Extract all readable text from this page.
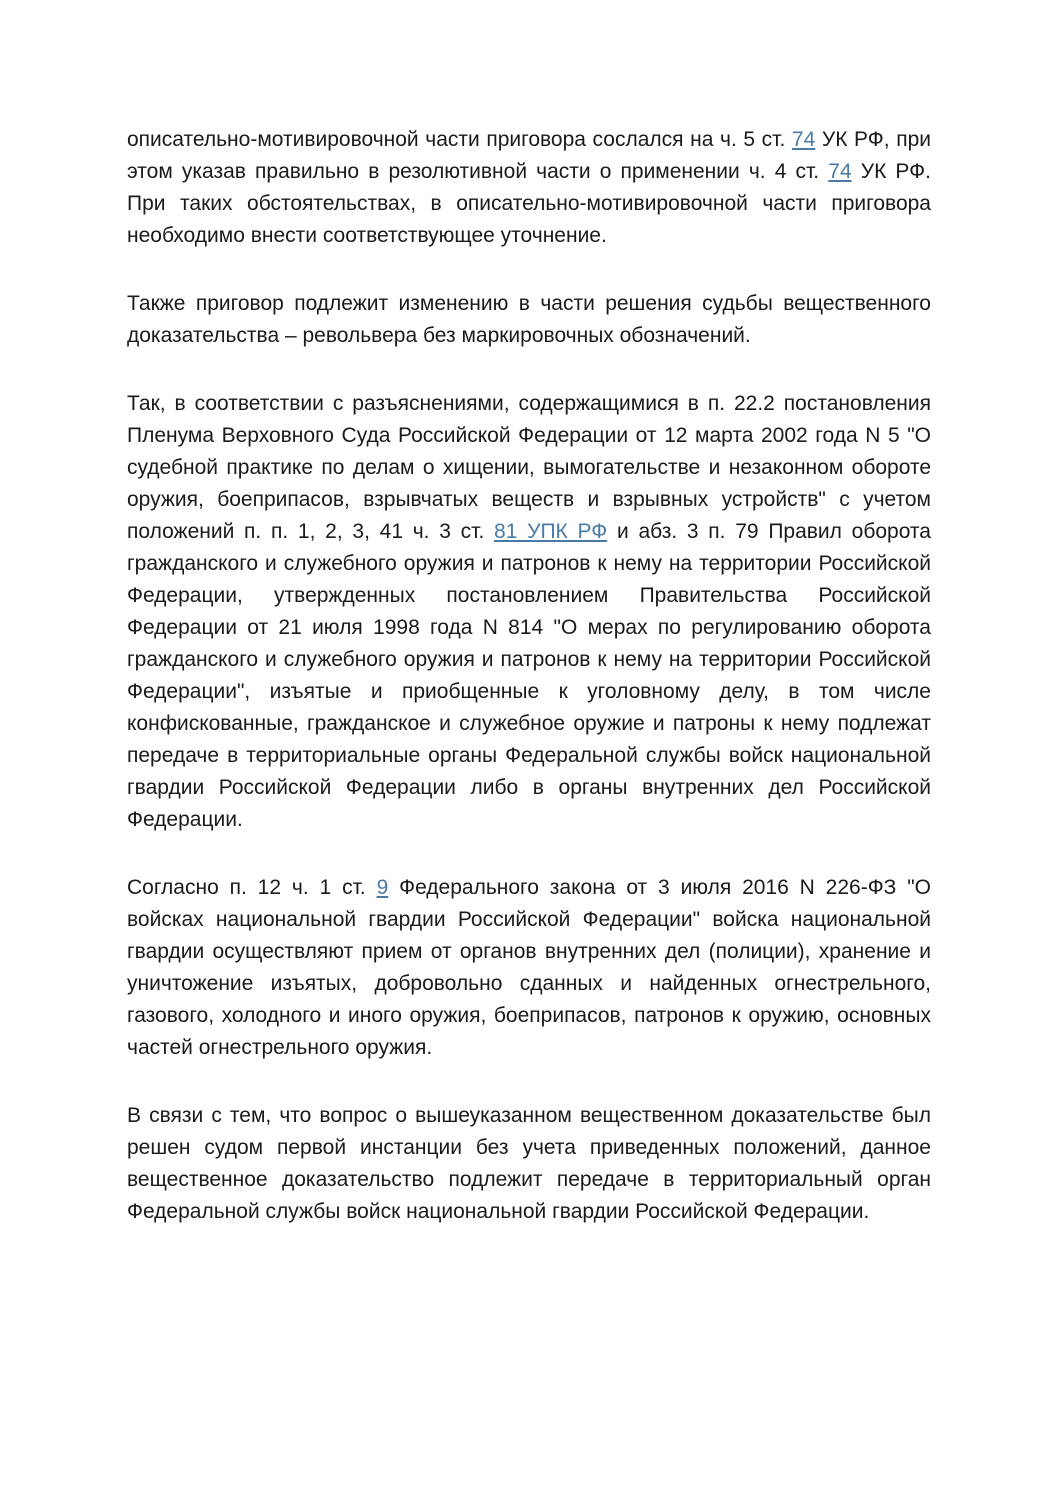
описательно-мотивировочной части приговора сослался на ч. 5 ст. 74 УК РФ, при этом указав правильно в резолютивной части о применении ч. 4 ст. 74 УК РФ. При таких обстоятельствах, в описательно-мотивировочной части приговора необходимо внести соответствующее уточнение.

Также приговор подлежит изменению в части решения судьбы вещественного доказательства – револьвера без маркировочных обозначений.

Так, в соответствии с разъяснениями, содержащимися в п. 22.2 постановления Пленума Верховного Суда Российской Федерации от 12 марта 2002 года N 5 "О судебной практике по делам о хищении, вымогательстве и незаконном обороте оружия, боеприпасов, взрывчатых веществ и взрывных устройств" с учетом положений п. п. 1, 2, 3, 41 ч. 3 ст. 81 УПК РФ и абз. 3 п. 79 Правил оборота гражданского и служебного оружия и патронов к нему на территории Российской Федерации, утвержденных постановлением Правительства Российской Федерации от 21 июля 1998 года N 814 "О мерах по регулированию оборота гражданского и служебного оружия и патронов к нему на территории Российской Федерации", изъятые и приобщенные к уголовному делу, в том числе конфискованные, гражданское и служебное оружие и патроны к нему подлежат передаче в территориальные органы Федеральной службы войск национальной гвардии Российской Федерации либо в органы внутренних дел Российской Федерации.

Согласно п. 12 ч. 1 ст. 9 Федерального закона от 3 июля 2016 N 226-ФЗ "О войсках национальной гвардии Российской Федерации" войска национальной гвардии осуществляют прием от органов внутренних дел (полиции), хранение и уничтожение изъятых, добровольно сданных и найденных огнестрельного, газового, холодного и иного оружия, боеприпасов, патронов к оружию, основных частей огнестрельного оружия.

В связи с тем, что вопрос о вышеуказанном вещественном доказательстве был решен судом первой инстанции без учета приведенных положений, данное вещественное доказательство подлежит передаче в территориальный орган Федеральной службы войск национальной гвардии Российской Федерации.
